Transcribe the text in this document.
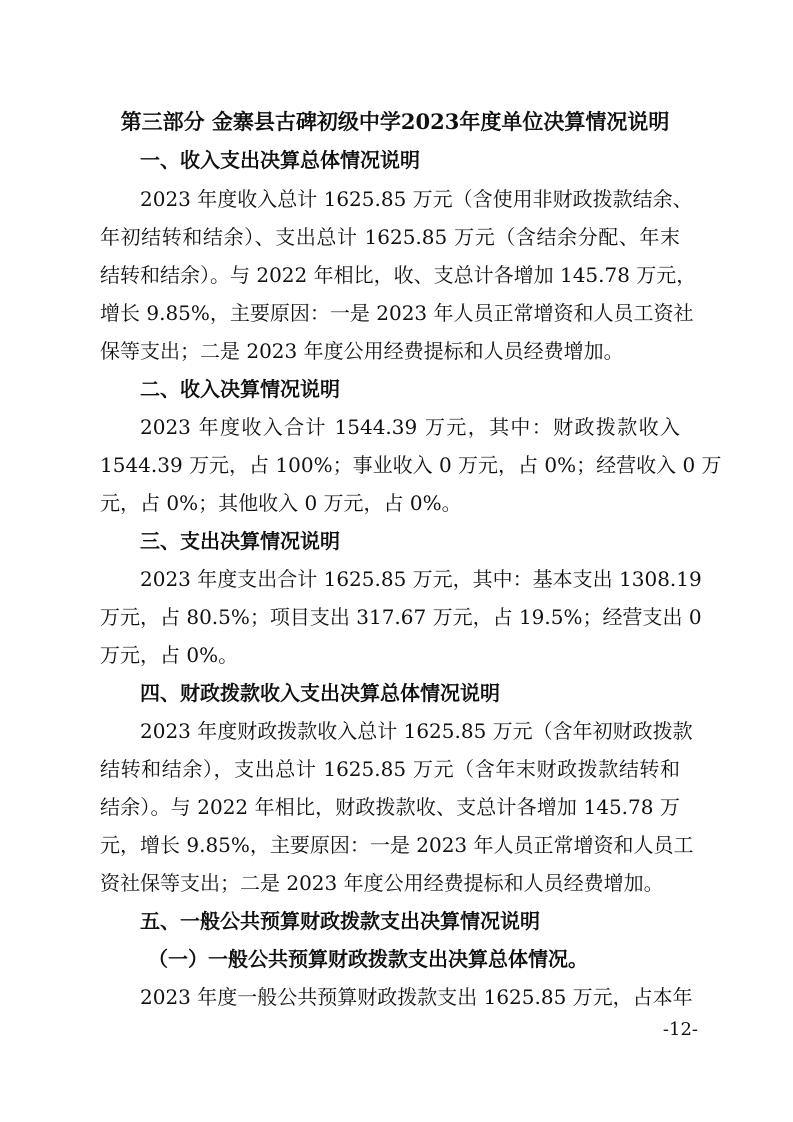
第三部分 金寨县古碑初级中学2023年度单位决算情况说明
一、收入支出决算总体情况说明
2023 年度收入总计 1625.85 万元（含使用非财政拨款结余、
年初结转和结余）、支出总计 1625.85 万元（含结余分配、年末
结转和结余）。与 2022 年相比，收、支总计各增加 145.78 万元，
增长 9.85%，主要原因：一是 2023 年人员正常增资和人员工资社
保等支出；二是 2023 年度公用经费提标和人员经费增加。
二、收入决算情况说明
2023 年度收入合计 1544.39 万元，其中：财政拨款收入
1544.39 万元，占 100%；事业收入 0 万元，占 0%；经营收入 0 万
元，占 0%；其他收入 0 万元，占 0%。
三、支出决算情况说明
2023 年度支出合计 1625.85 万元，其中：基本支出 1308.19
万元，占 80.5%；项目支出 317.67 万元，占 19.5%；经营支出 0
万元，占 0%。
四、财政拨款收入支出决算总体情况说明
2023 年度财政拨款收入总计 1625.85 万元（含年初财政拨款
结转和结余），支出总计 1625.85 万元（含年末财政拨款结转和
结余）。与 2022 年相比，财政拨款收、支总计各增加 145.78 万
元，增长 9.85%，主要原因：一是 2023 年人员正常增资和人员工
资社保等支出；二是 2023 年度公用经费提标和人员经费增加。
五、一般公共预算财政拨款支出决算情况说明
（一）一般公共预算财政拨款支出决算总体情况。
2023 年度一般公共预算财政拨款支出 1625.85 万元，占本年
-12-
